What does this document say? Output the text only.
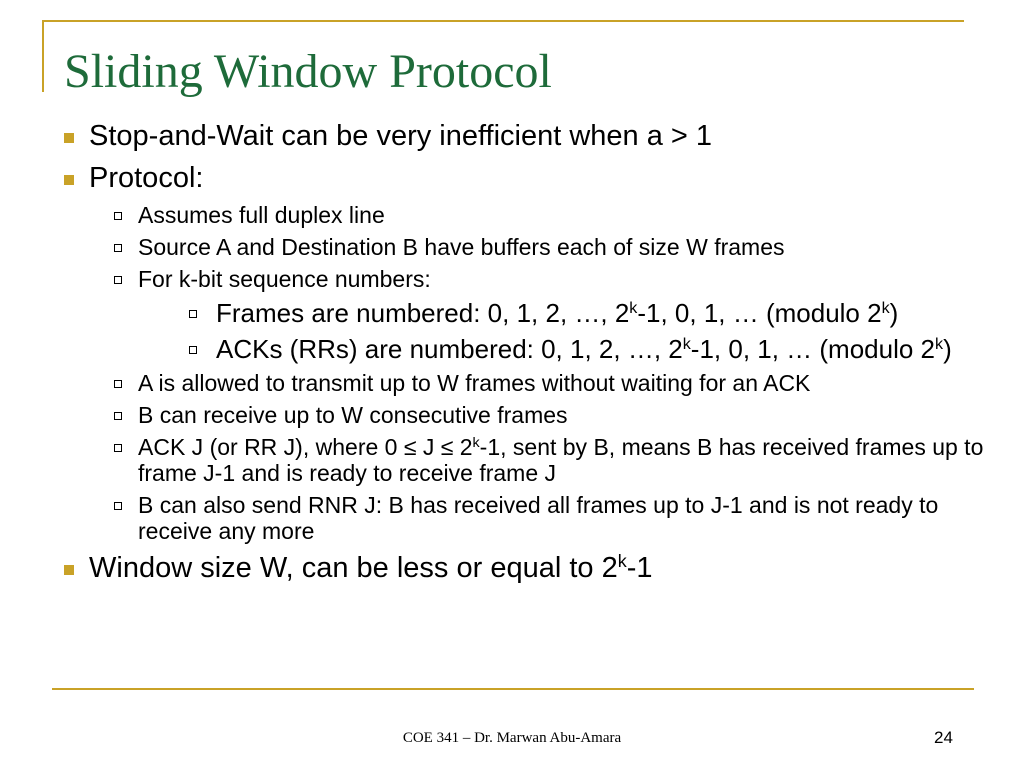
Sliding Window Protocol
Stop-and-Wait can be very inefficient when a > 1
Protocol:
Assumes full duplex line
Source A and Destination B have buffers each of size W frames
For k-bit sequence numbers:
Frames are numbered: 0, 1, 2, …, 2$^k$-1, 0, 1, … (modulo 2$^k$)
ACKs (RRs) are numbered: 0, 1, 2, …, 2$^k$-1, 0, 1, … (modulo 2$^k$)
A is allowed to transmit up to W frames without waiting for an ACK
B can receive up to W consecutive frames
ACK J (or RR J), where $0 \le J \le 2^k-1$, sent by B, means B has received frames up to frame J-1 and is ready to receive frame J
B can also send RNR J: B has received all frames up to J-1 and is not ready to receive any more
Window size W, can be less or equal to 2$^k$-1
COE 341 – Dr. Marwan Abu-Amara	24
